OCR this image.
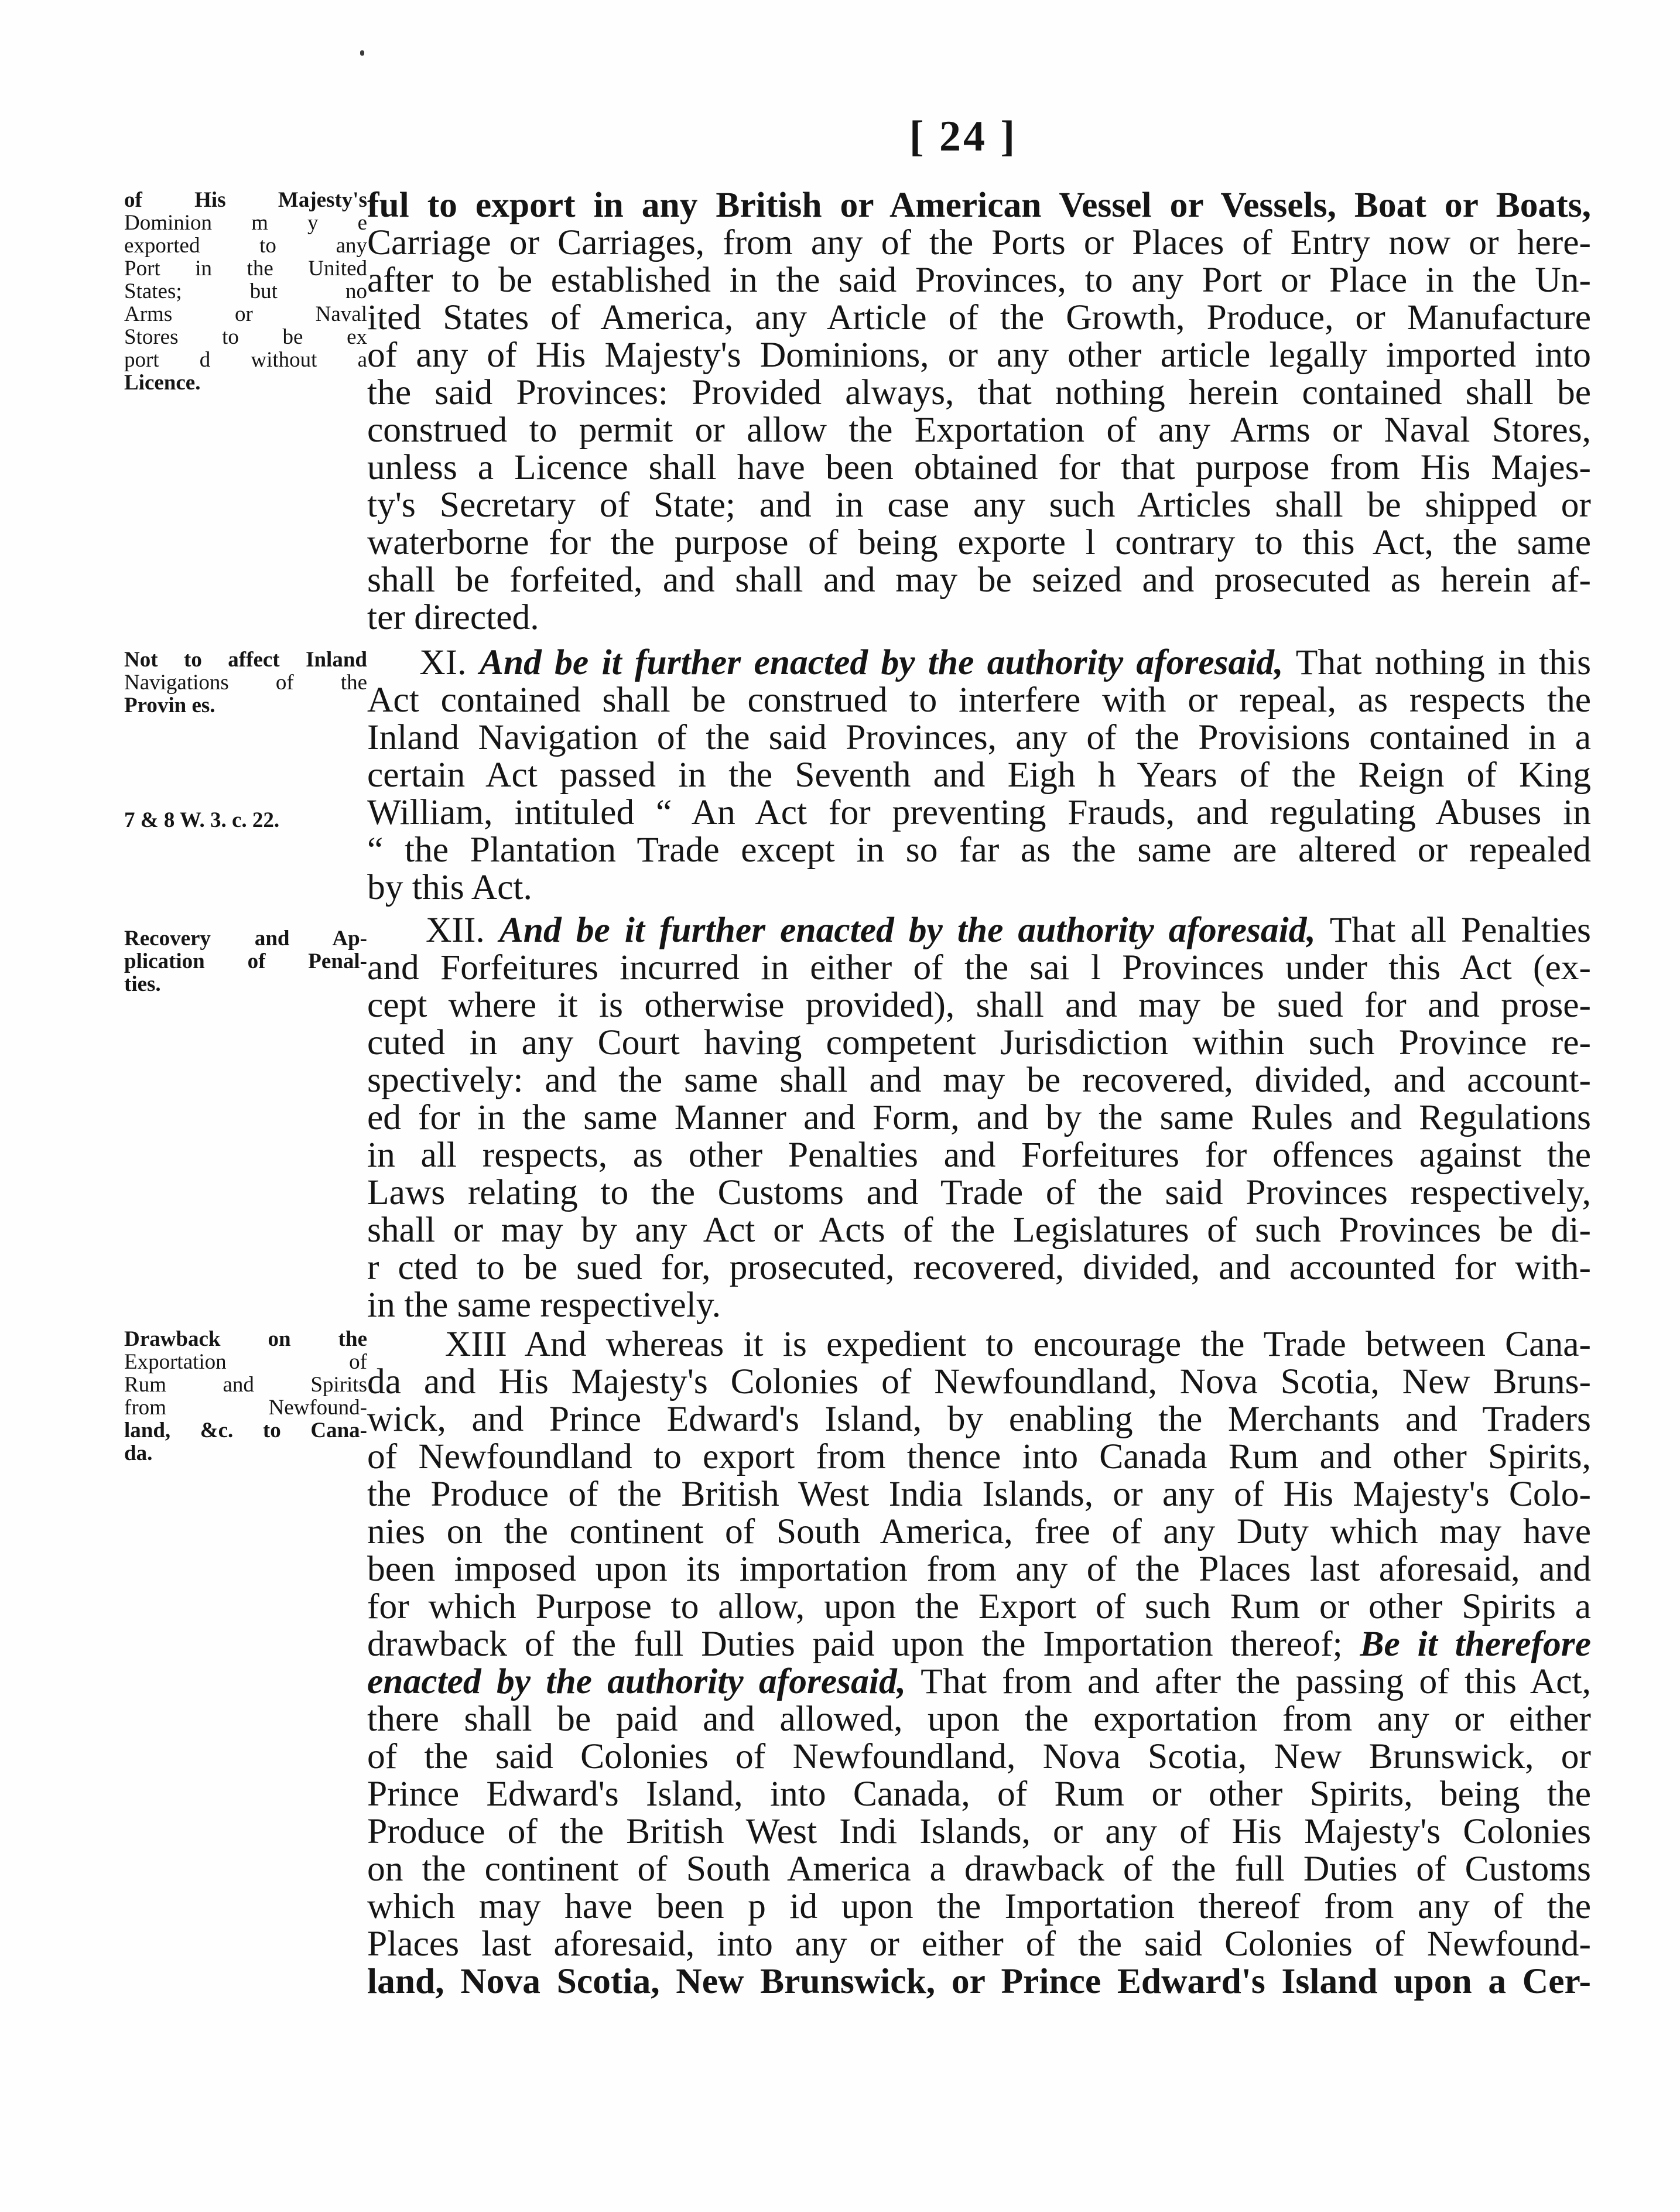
[ 24 ]
of His Majesty's
Dominion m y e
exported to any
Port in the United
States; but no
Arms or Naval
Stores to be ex
port d without a
Licence.
Not to affect Inland
Navigations of the
Provin es.
7 & 8 W. 3. c. 22.
Recovery and Ap-
plication of Penal-
ties.
Drawback on the
Exportation of
Rum and Spirits
from Newfound-
land, &c. to Cana-
da.
ful to export in any British or American Vessel or Vessels, Boat or Boats,
Carriage or Carriages, from any of the Ports or Places of Entry now or here-
after to be established in the said Provinces, to any Port or Place in the Un-
ited States of America, any Article of the Growth, Produce, or Manufacture
of any of His Majesty's Dominions, or any other article legally imported into
the said Provinces: Provided always, that nothing herein contained shall be
construed to permit or allow the Exportation of any Arms or Naval Stores,
unless a Licence shall have been obtained for that purpose from His Majes-
ty's Secretary of State; and in case any such Articles shall be shipped or
waterborne for the purpose of being exporte l contrary to this Act, the same
shall be forfeited, and shall and may be seized and prosecuted as herein af-
ter directed.
XI. And be it further enacted by the authority aforesaid, That nothing in this
Act contained shall be construed to interfere with or repeal, as respects the
Inland Navigation of the said Provinces, any of the Provisions contained in a
certain Act passed in the Seventh and Eigh h Years of the Reign of King
William, intituled “ An Act for preventing Frauds, and regulating Abuses in
“ the Plantation Trade except in so far as the same are altered or repealed
by this Act.
XII. And be it further enacted by the authority aforesaid, That all Penalties
and Forfeitures incurred in either of the sai l Provinces under this Act (ex-
cept where it is otherwise provided), shall and may be sued for and prose-
cuted in any Court having competent Jurisdiction within such Province re-
spectively: and the same shall and may be recovered, divided, and account-
ed for in the same Manner and Form, and by the same Rules and Regulations
in all respects, as other Penalties and Forfeitures for offences against the
Laws relating to the Customs and Trade of the said Provinces respectively,
shall or may by any Act or Acts of the Legislatures of such Provinces be di-
r cted to be sued for, prosecuted, recovered, divided, and accounted for with-
in the same respectively.
XIII And whereas it is expedient to encourage the Trade between Cana-
da and His Majesty's Colonies of Newfoundland, Nova Scotia, New Bruns-
wick, and Prince Edward's Island, by enabling the Merchants and Traders
of Newfoundland to export from thence into Canada Rum and other Spirits,
the Produce of the British West India Islands, or any of His Majesty's Colo-
nies on the continent of South America, free of any Duty which may have
been imposed upon its importation from any of the Places last aforesaid, and
for which Purpose to allow, upon the Export of such Rum or other Spirits a
drawback of the full Duties paid upon the Importation thereof; Be it therefore
enacted by the authority aforesaid, That from and after the passing of this Act,
there shall be paid and allowed, upon the exportation from any or either
of the said Colonies of Newfoundland, Nova Scotia, New Brunswick, or
Prince Edward's Island, into Canada, of Rum or other Spirits, being the
Produce of the British West Indi Islands, or any of His Majesty's Colonies
on the continent of South America a drawback of the full Duties of Customs
which may have been p id upon the Importation thereof from any of the
Places last aforesaid, into any or either of the said Colonies of Newfound-
land, Nova Scotia, New Brunswick, or Prince Edward's Island upon a Cer-
